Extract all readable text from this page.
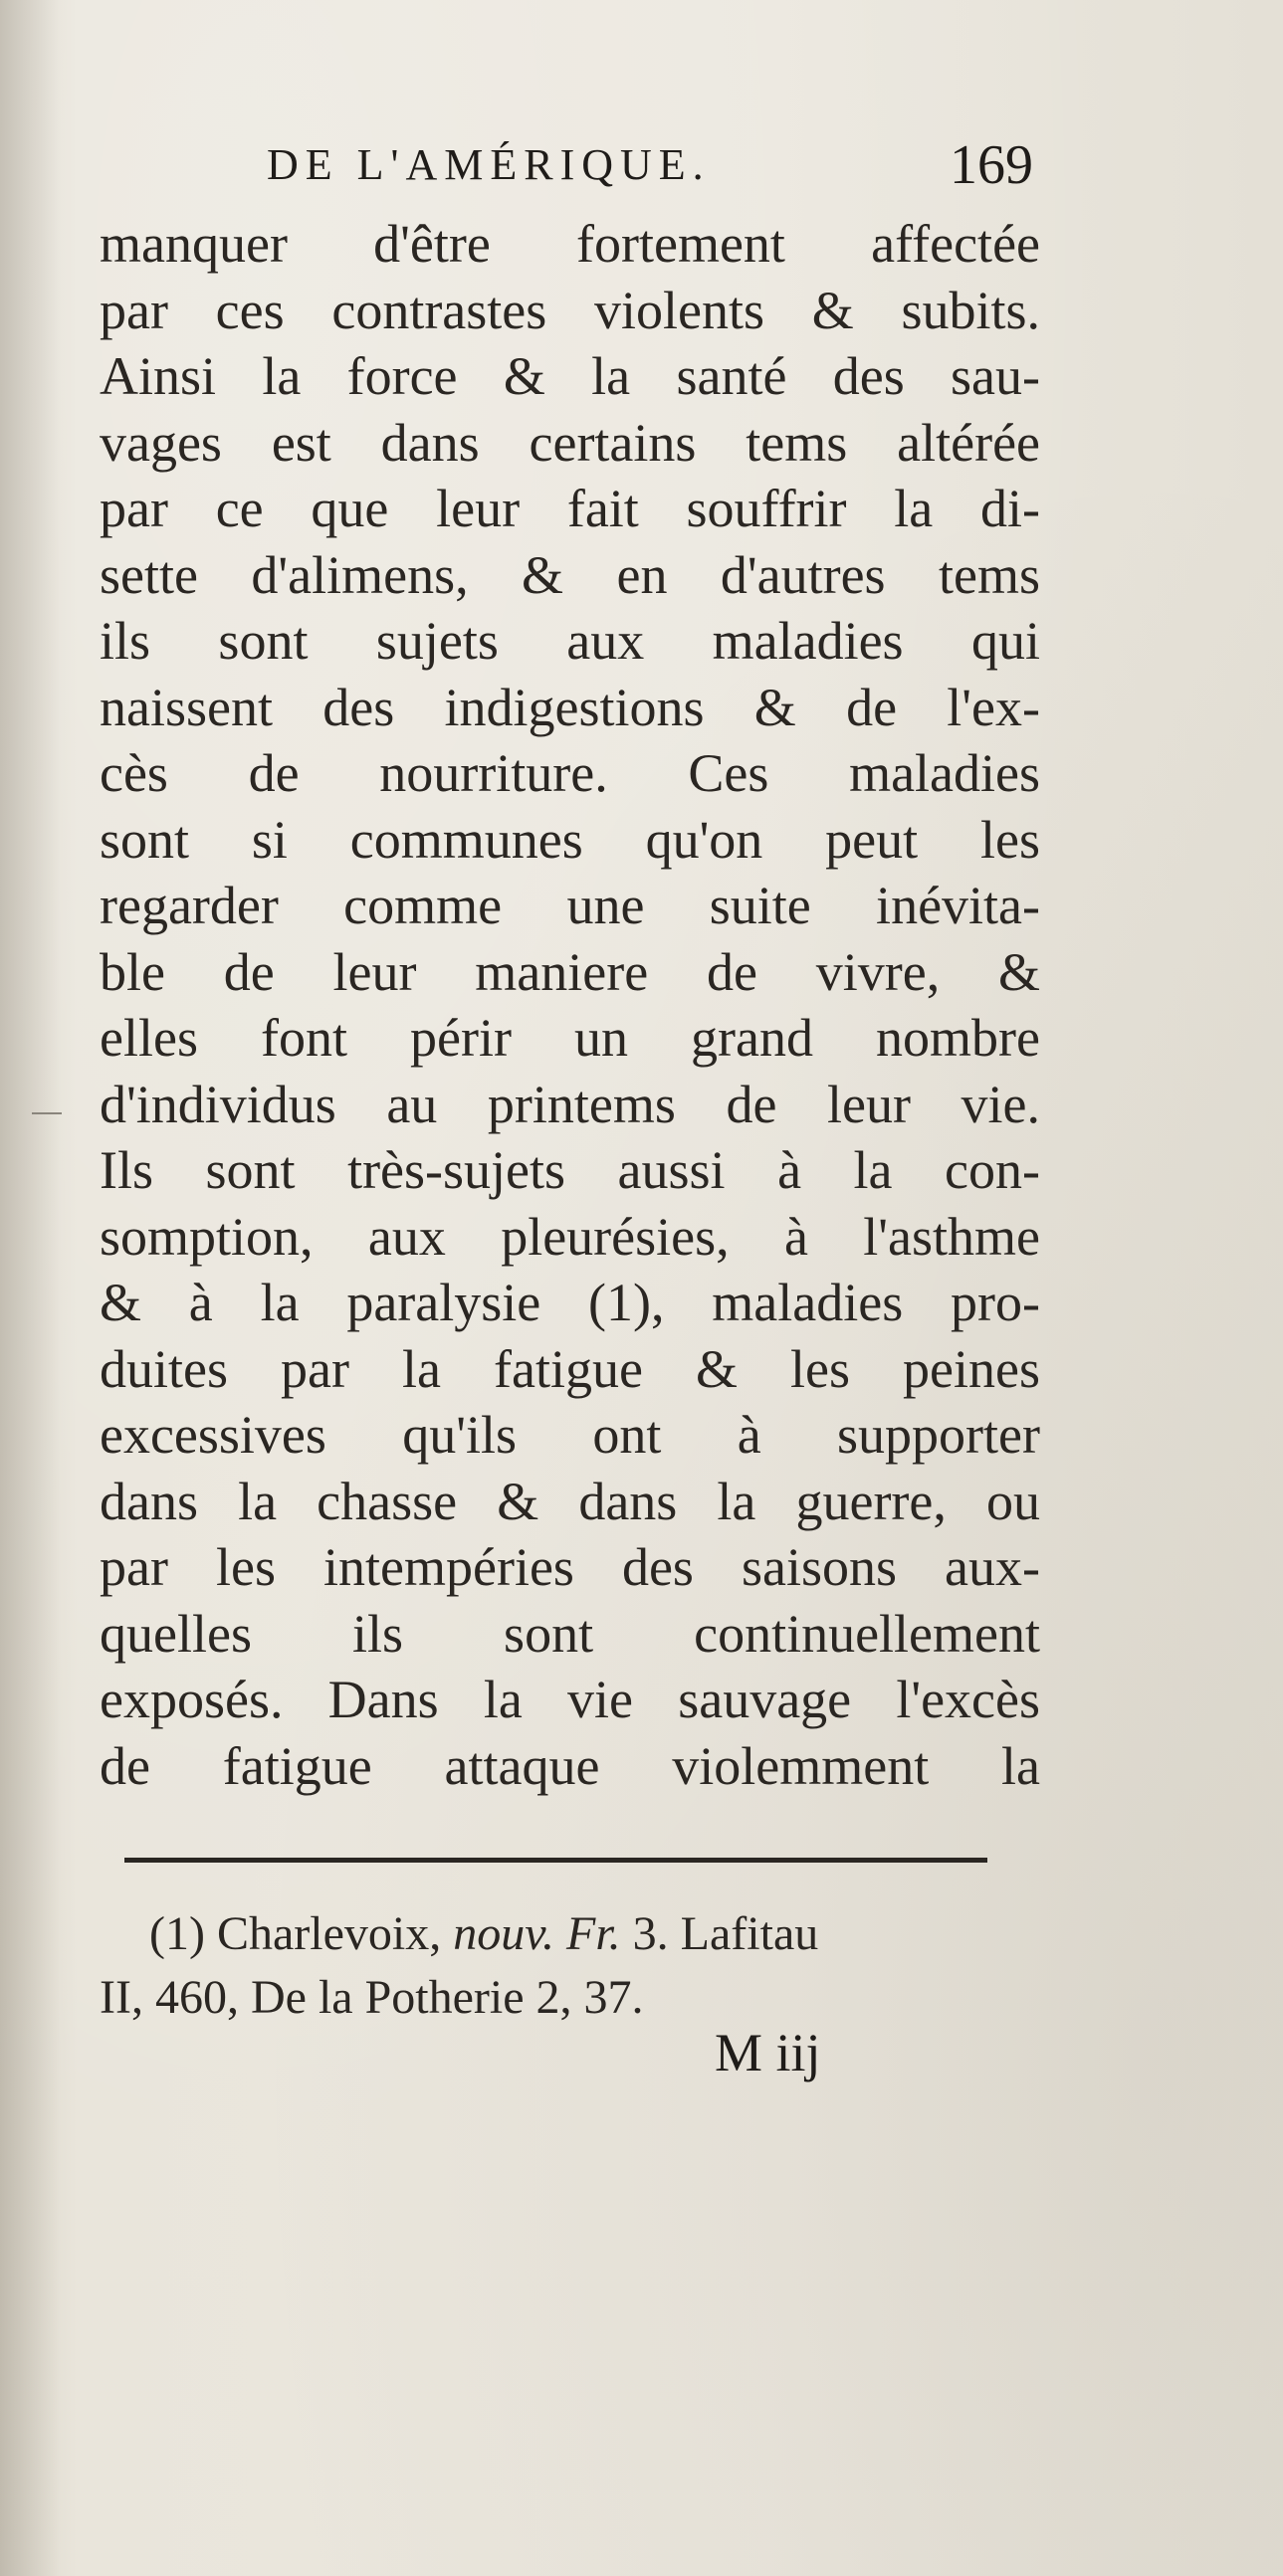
DE L'AMÉRIQUE.	169
manquer d'être fortement affectée
par ces contrastes violents & subits.
Ainsi la force & la santé des sau-
vages est dans certains tems altérée
par ce que leur fait souffrir la di-
sette d'alimens, & en d'autres tems
ils sont sujets aux maladies qui
naissent des indigestions & de l'ex-
cès de nourriture. Ces maladies
sont si communes qu'on peut les
regarder comme une suite inévita-
ble de leur maniere de vivre, &
elles font périr un grand nombre
d'individus au printems de leur vie.
Ils sont très-sujets aussi à la con-
somption, aux pleurésies, à l'asthme
& à la paralysie (1), maladies pro-
duites par la fatigue & les peines
excessives qu'ils ont à supporter
dans la chasse & dans la guerre, ou
par les intempéries des saisons aux-
quelles ils sont continuellement
exposés. Dans la vie sauvage l'excès
de fatigue attaque violemment la
(1) Charlevoix, nouv. Fr. 3. Lafitau
II, 460, De la Potherie 2, 37.
M iij
